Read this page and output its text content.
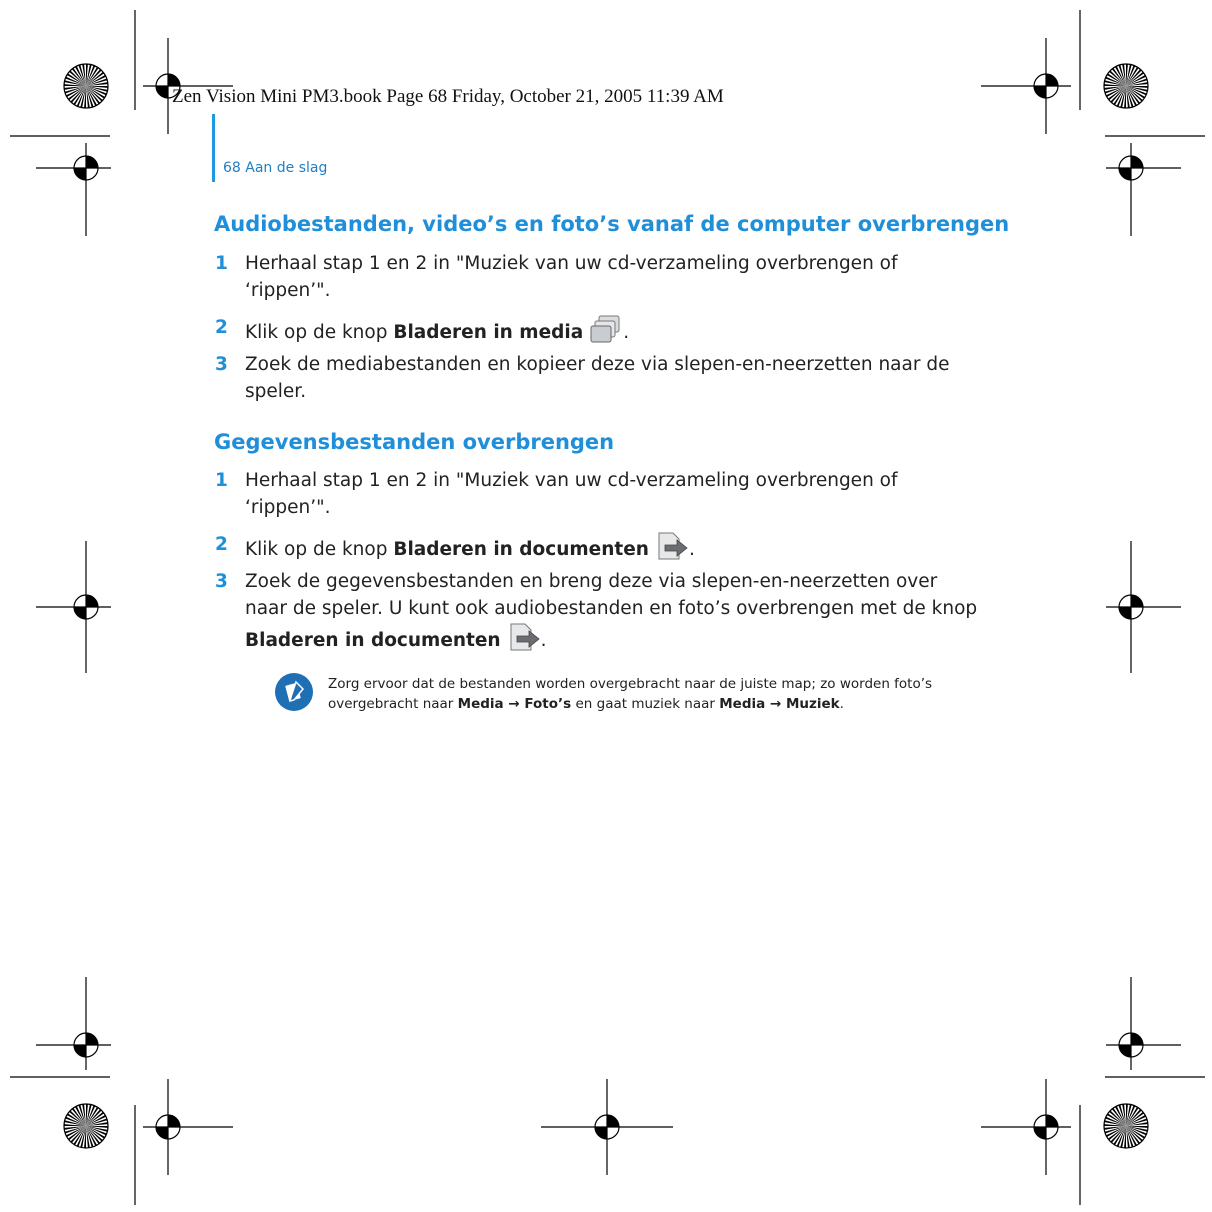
Zen Vision Mini PM3.book Page 68 Friday, October 21, 2005 11:39 AM
68 Aan de slag
Audiobestanden, video’s en foto’s vanaf de computer overbrengen
1 Herhaal stap 1 en 2 in "Muziek van uw cd-verzameling overbrengen of ‘rippen’".
2 Klik op de knop Bladeren in media .
3 Zoek de mediabestanden en kopieer deze via slepen-en-neerzetten naar de speler.
Gegevensbestanden overbrengen
1 Herhaal stap 1 en 2 in "Muziek van uw cd-verzameling overbrengen of ‘rippen’".
2 Klik op de knop Bladeren in documenten .
3 Zoek de gegevensbestanden en breng deze via slepen-en-neerzetten over naar de speler. U kunt ook audiobestanden en foto’s overbrengen met de knop Bladeren in documenten .
Zorg ervoor dat de bestanden worden overgebracht naar de juiste map; zo worden foto’s overgebracht naar Media → Foto’s en gaat muziek naar Media → Muziek.
